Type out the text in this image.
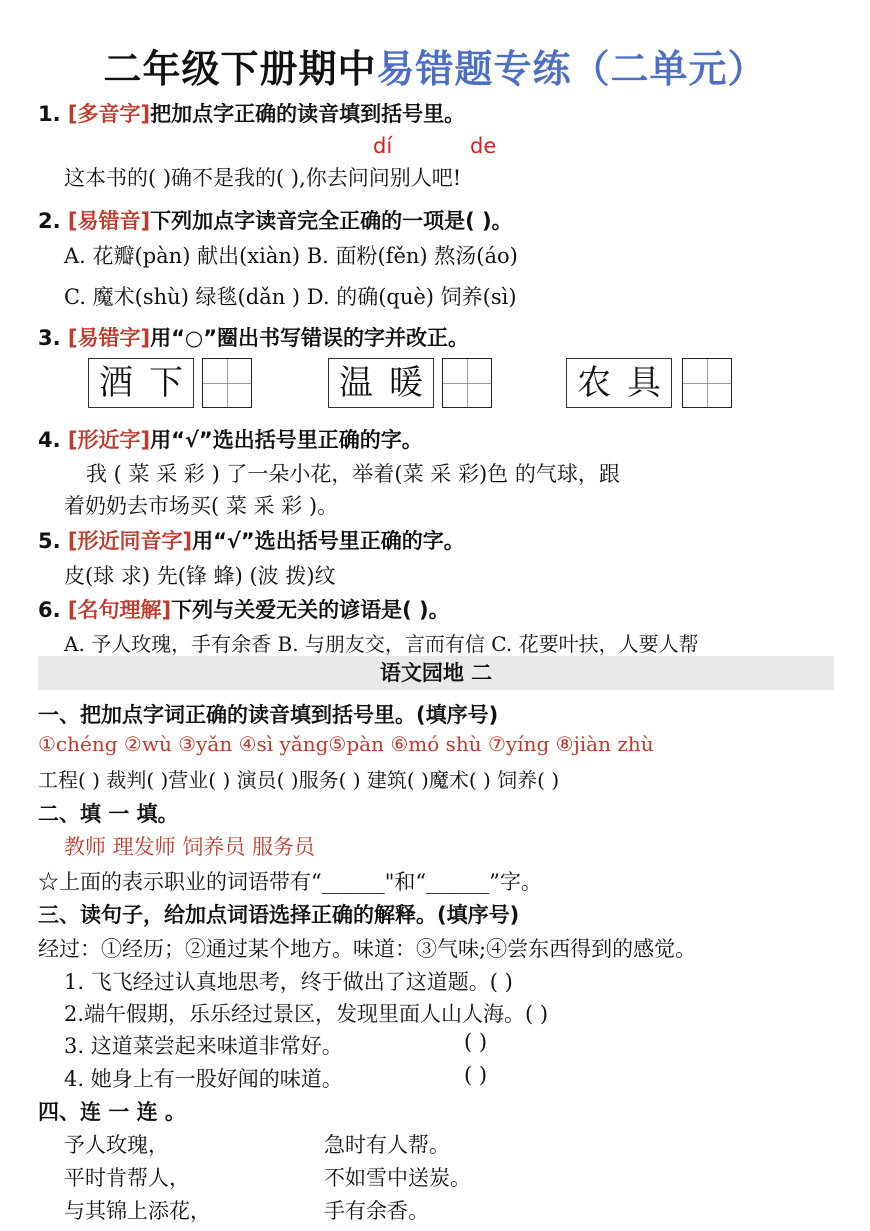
二年级下册期中易错题专练（二单元）
1. [多音字]把加点字正确的读音填到括号里。
dí	de
这本书的( )确不是我的( ),你去问问别人吧!
2. [易错音]下列加点字读音完全正确的一项是( )。
A. 花瓣(pàn) 献出(xiàn) B. 面粉(fěn) 熬汤(áo)
C. 魔术(shù) 绿毯(dǎn ) D. 的确(què) 饲养(sì)
3. [易错字]用“○”圈出书写错误的字并改正。
酒 下	温 暖	农 具
4. [形近字]用“√”选出括号里正确的字。
我 ( 菜 采 彩 ) 了一朵小花，举着(菜 采 彩)色 的气球，跟
着奶奶去市场买( 菜 采 彩 )。
5. [形近同音字]用“√”选出括号里正确的字。
皮(球 求) 先(锋 蜂) (波 拨)纹
6. [名句理解]下列与关爱无关的谚语是( )。
A. 予人玫瑰，手有余香 B. 与朋友交，言而有信 C. 花要叶扶，人要人帮
语文园地 二
一、把加点字词正确的读音填到括号里。(填序号)
①chéng ②wù ③yǎn ④sì yǎng⑤pàn ⑥mó shù ⑦yíng ⑧jiàn zhù
工程( ) 裁判( )营业( ) 演员( )服务( ) 建筑( )魔术( ) 饲养( )
二、填 一 填。
教师 理发师 饲养员 服务员
☆上面的表示职业的词语带有“______"和“______”字。
三、读句子，给加点词语选择正确的解释。(填序号)
经过：①经历；②通过某个地方。味道：③气味;④尝东西得到的感觉。
1. 飞飞经过认真地思考，终于做出了这道题。( )
2.端午假期，乐乐经过景区，发现里面人山人海。( )
3. 这道菜尝起来味道非常好。	( )
4. 她身上有一股好闻的味道。	( )
四、连 一 连 。
予人玫瑰，
平时肯帮人，
与其锦上添花，
急时有人帮。
不如雪中送炭。
手有余香。
